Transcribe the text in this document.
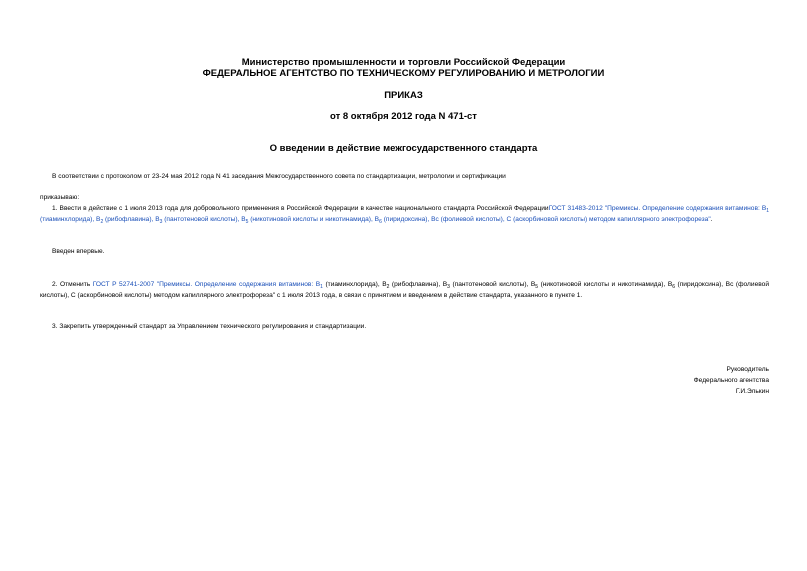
Министерство промышленности и торговли Российской Федерации
ФЕДЕРАЛЬНОЕ АГЕНТСТВО ПО ТЕХНИЧЕСКОМУ РЕГУЛИРОВАНИЮ И МЕТРОЛОГИИ
ПРИКАЗ
от 8 октября 2012 года N 471-ст
О введении в действие межгосударственного стандарта
В соответствии с протоколом от 23-24 мая 2012 года N 41 заседания Межгосударственного совета по стандартизации, метрологии и сертификации
приказываю:
1. Ввести в действие с 1 июля 2013 года для добровольного применения в Российской Федерации в качестве национального стандарта Российской ФедерацииГОСТ 31483-2012 "Премиксы. Определение содержания витаминов: $В_1$ (тиаминхлорида), $В_2$ (рибофлавина), $В_3$ (пантотеновой кислоты), $В_5$ (никотиновой кислоты и никотинамида), $В_6$ (пиридоксина), Вс (фолиевой кислоты), С (аскорбиновой кислоты) методом капиллярного электрофореза".
Введен впервые.
2. Отменить ГОСТ Р 52741-2007 "Премиксы. Определение содержания витаминов: $В_1$ (тиаминхлорида), $В_2$ (рибофлавина), $В_3$ (пантотеновой кислоты), $В_5$ (никотиновой кислоты и никотинамида), $В_6$ (пиридоксина), Вс (фолиевой кислоты), С (аскорбиновой кислоты) методом капиллярного электрофореза" с 1 июля 2013 года, в связи с принятием и введением в действие стандарта, указанного в пункте 1.
3. Закрепить утвержденный стандарт за Управлением технического регулирования и стандартизации.
Руководитель
Федерального агентства
Г.И.Элькин
